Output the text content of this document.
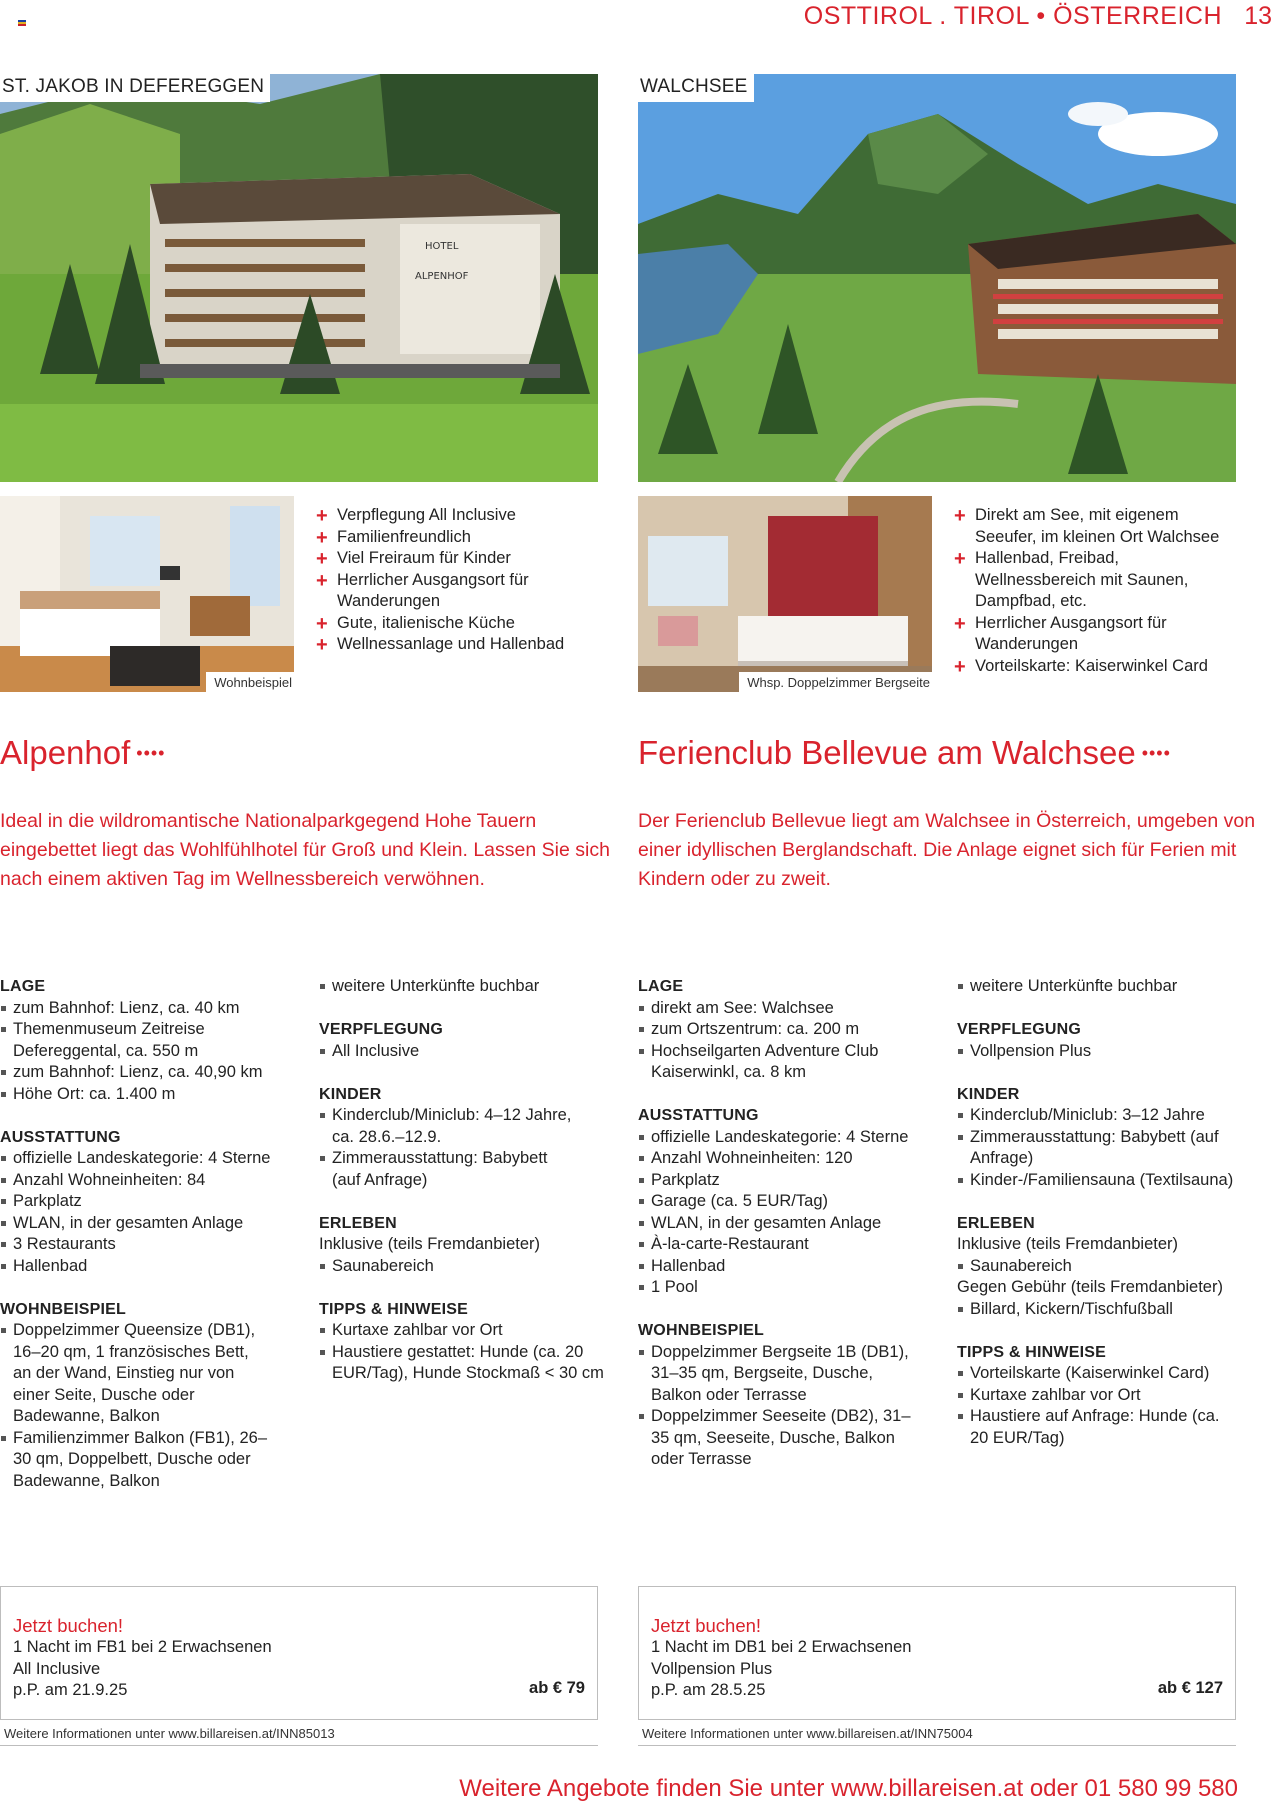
OSTTIROL . TIROL • ÖSTERREICH 13
HOTEL
ALPENHOF
ST. JAKOB IN DEFEREGGEN	WALCHSEE
Wohnbeispiel	Whsp. Doppelzimmer Bergseite
+ Verpflegung All Inclusive
+ Familienfreundlich
+ Viel Freiraum für Kinder
+ Herrlicher Ausgangsort für Wanderungen
+ Gute, italienische Küche
+ Wellnessanlage und Hallenbad
+ Direkt am See, mit eigenem Seeufer, im kleinen Ort Walchsee
+ Hallenbad, Freibad, Wellnessbereich mit Saunen, Dampfbad, etc.
+ Herrlicher Ausgangsort für Wanderungen
+ Vorteilskarte: Kaiserwinkel Card
Alpenhof ••••	Ferienclub Bellevue am Walchsee ••••
Ideal in die wildromantische Nationalparkgegend Hohe Tauern eingebettet liegt das Wohlfühlhotel für Groß und Klein. Lassen Sie sich nach einem aktiven Tag im Wellnessbereich verwöhnen.
Der Ferienclub Bellevue liegt am Walchsee in Österreich, umgeben von einer idyllischen Berglandschaft. Die Anlage eignet sich für Ferien mit Kindern oder zu zweit.

LAGE

zum Bahnhof: Lienz, ca. 40 km
Themenmuseum Zeitreise Defereggental, ca. 550 m
zum Bahnhof: Lienz, ca. 40,90 km
Höhe Ort: ca. 1.400 m

AUSSTATTUNG

offizielle Landeskategorie: 4 Sterne
Anzahl Wohneinheiten: 84
Parkplatz
WLAN, in der gesamten Anlage
3 Restaurants
Hallenbad

WOHNBEISPIEL

Doppelzimmer Queensize (DB1), 16–20 qm, 1 französisches Bett, an der Wand, Einstieg nur von einer Seite, Dusche oder Badewanne, Balkon
Familienzimmer Balkon (FB1), 26–30 qm, Doppelbett, Dusche oder Badewanne, Balkon
weitere Unterkünfte buchbar

VERPFLEGUNG

All Inclusive

KINDER

Kinderclub/Miniclub: 4–12 Jahre, ca. 28.6.–12.9.
Zimmerausstattung: Babybett (auf Anfrage)

ERLEBEN

Inklusive (teils Fremdanbieter)

Saunabereich

TIPPS & HINWEISE

Kurtaxe zahlbar vor Ort
Haustiere gestattet: Hunde (ca. 20 EUR/Tag), Hunde Stockmaß < 30 cm

LAGE

direkt am See: Walchsee
zum Ortszentrum: ca. 200 m
Hochseilgarten Adventure Club Kaiserwinkl, ca. 8 km

AUSSTATTUNG

offizielle Landeskategorie: 4 Sterne
Anzahl Wohneinheiten: 120
Parkplatz
Garage (ca. 5 EUR/Tag)
WLAN, in der gesamten Anlage
À-la-carte-Restaurant
Hallenbad
1 Pool

WOHNBEISPIEL

Doppelzimmer Bergseite 1B (DB1), 31–35 qm, Bergseite, Dusche, Balkon oder Terrasse
Doppelzimmer Seeseite (DB2), 31–35 qm, Seeseite, Dusche, Balkon oder Terrasse
weitere Unterkünfte buchbar

VERPFLEGUNG

Vollpension Plus

KINDER

Kinderclub/Miniclub: 3–12 Jahre
Zimmerausstattung: Babybett (auf Anfrage)
Kinder-/Familiensauna (Textilsauna)

ERLEBEN

Inklusive (teils Fremdanbieter)

Saunabereich

Gegen Gebühr (teils Fremdanbieter)

Billard, Kickern/Tischfußball

TIPPS & HINWEISE

Vorteilskarte (Kaiserwinkel Card)
Kurtaxe zahlbar vor Ort
Haustiere auf Anfrage: Hunde (ca. 20 EUR/Tag)
Jetzt buchen!
1 Nacht im FB1 bei 2 Erwachsenen
All Inclusive
p.P. am 21.9.25	ab € 79
Weitere Informationen unter www.billareisen.at/INN85013
Jetzt buchen!
1 Nacht im DB1 bei 2 Erwachsenen
Vollpension Plus
p.P. am 28.5.25	ab € 127
Weitere Informationen unter www.billareisen.at/INN75004
Weitere Angebote finden Sie unter www.billareisen.at oder 01 580 99 580
